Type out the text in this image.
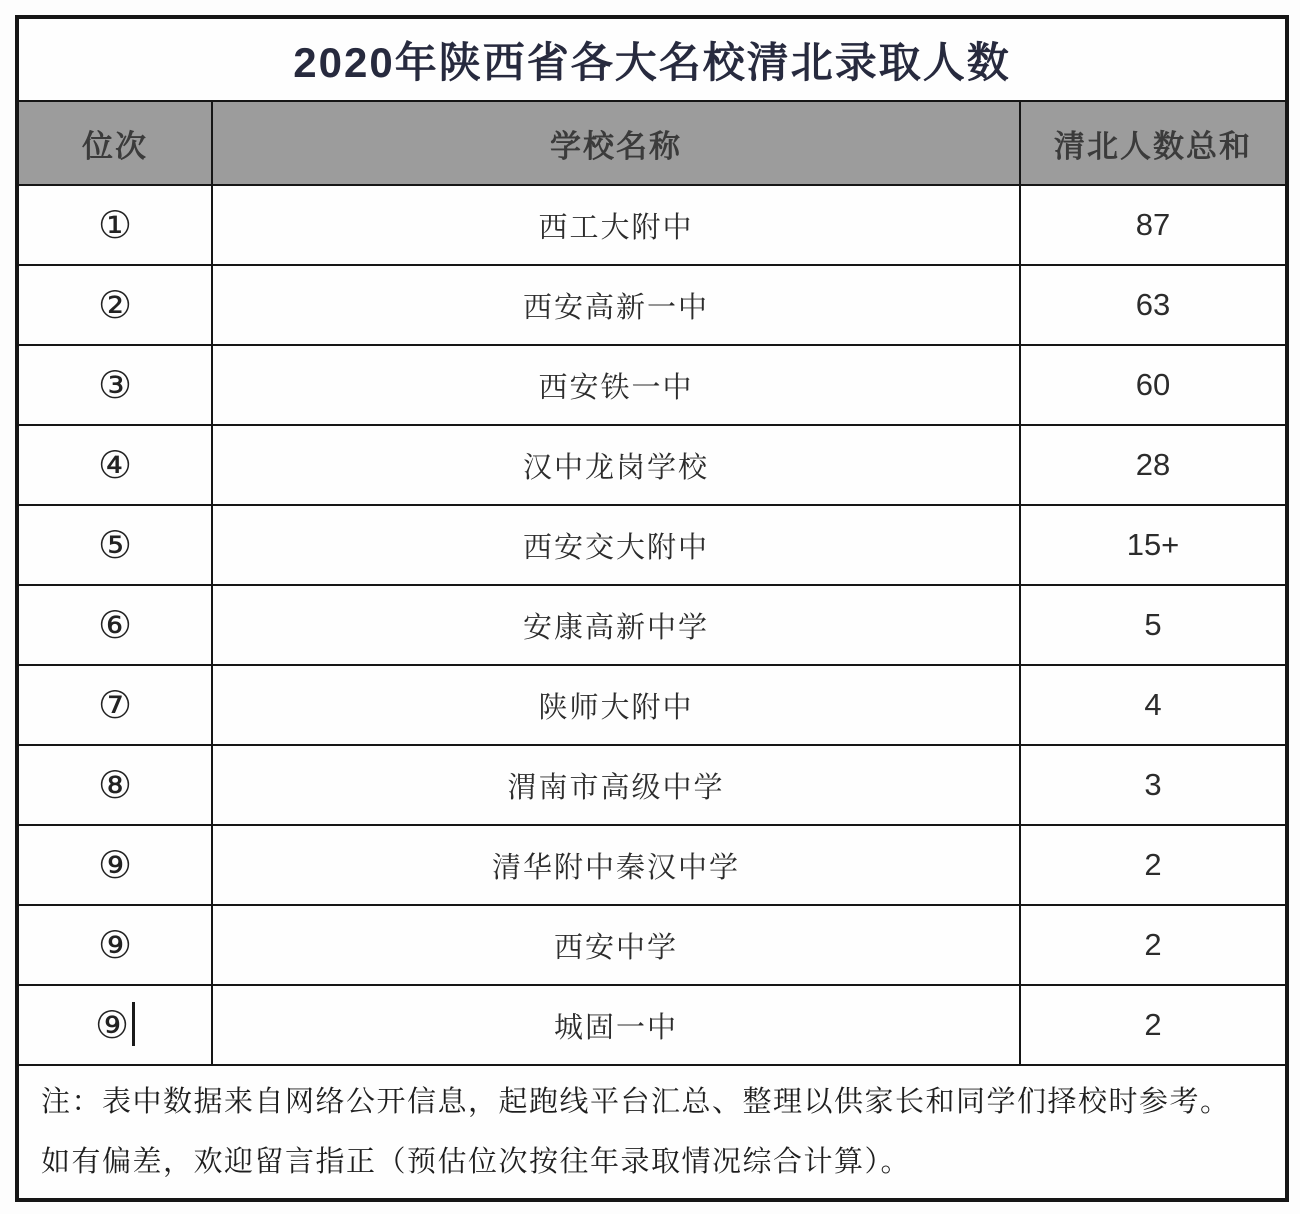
2020年陕西省各大名校清北录取人数		
位次	学校名称	清北人数总和
①	西工大附中	87
②	西安高新一中	63
③	西安铁一中	60
④	汉中龙岗学校	28
⑤	西安交大附中	15+
⑥	安康高新中学	5
⑦	陕师大附中	4
⑧	渭南市高级中学	3
⑨	清华附中秦汉中学	2
⑨	西安中学	2
⑨	城固一中	2

注：表中数据来自网络公开信息，起跑线平台汇总、整理以供家长和同学们择校时参考。
如有偏差，欢迎留言指正（预估位次按往年录取情况综合计算）。		
